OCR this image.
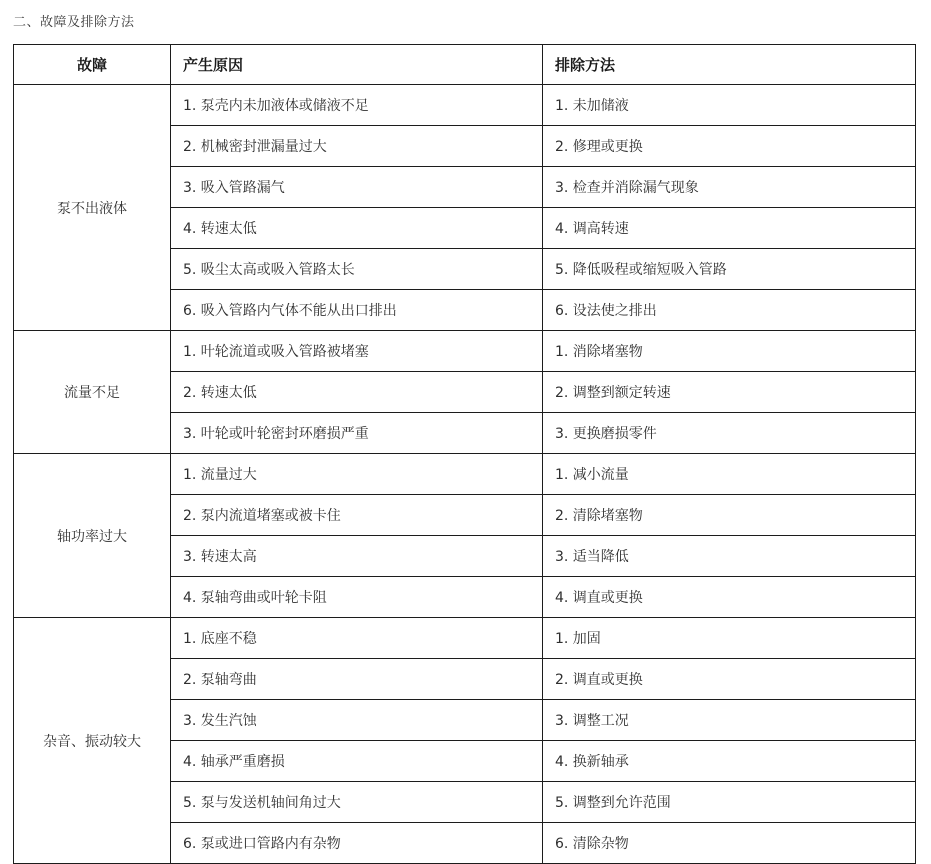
二、故障及排除方法
故障	产生原因	排除方法
泵不出液体	1. 泵壳内未加液体或储液不足	1. 未加储液
	2. 机械密封泄漏量过大	2. 修理或更换
	3. 吸入管路漏气	3. 检查并消除漏气现象
	4. 转速太低	4. 调高转速
	5. 吸尘太高或吸入管路太长	5. 降低吸程或缩短吸入管路
	6. 吸入管路内气体不能从出口排出	6. 设法使之排出
流量不足	1. 叶轮流道或吸入管路被堵塞	1. 消除堵塞物
	2. 转速太低	2. 调整到额定转速
	3. 叶轮或叶轮密封环磨损严重	3. 更换磨损零件
轴功率过大	1. 流量过大	1. 减小流量
	2. 泵内流道堵塞或被卡住	2. 清除堵塞物
	3. 转速太高	3. 适当降低
	4. 泵轴弯曲或叶轮卡阻	4. 调直或更换
杂音、振动较大	1. 底座不稳	1. 加固
	2. 泵轴弯曲	2. 调直或更换
	3. 发生汽蚀	3. 调整工况
	4. 轴承严重磨损	4. 换新轴承
	5. 泵与发送机轴间角过大	5. 调整到允许范围
	6. 泵或进口管路内有杂物	6. 清除杂物
